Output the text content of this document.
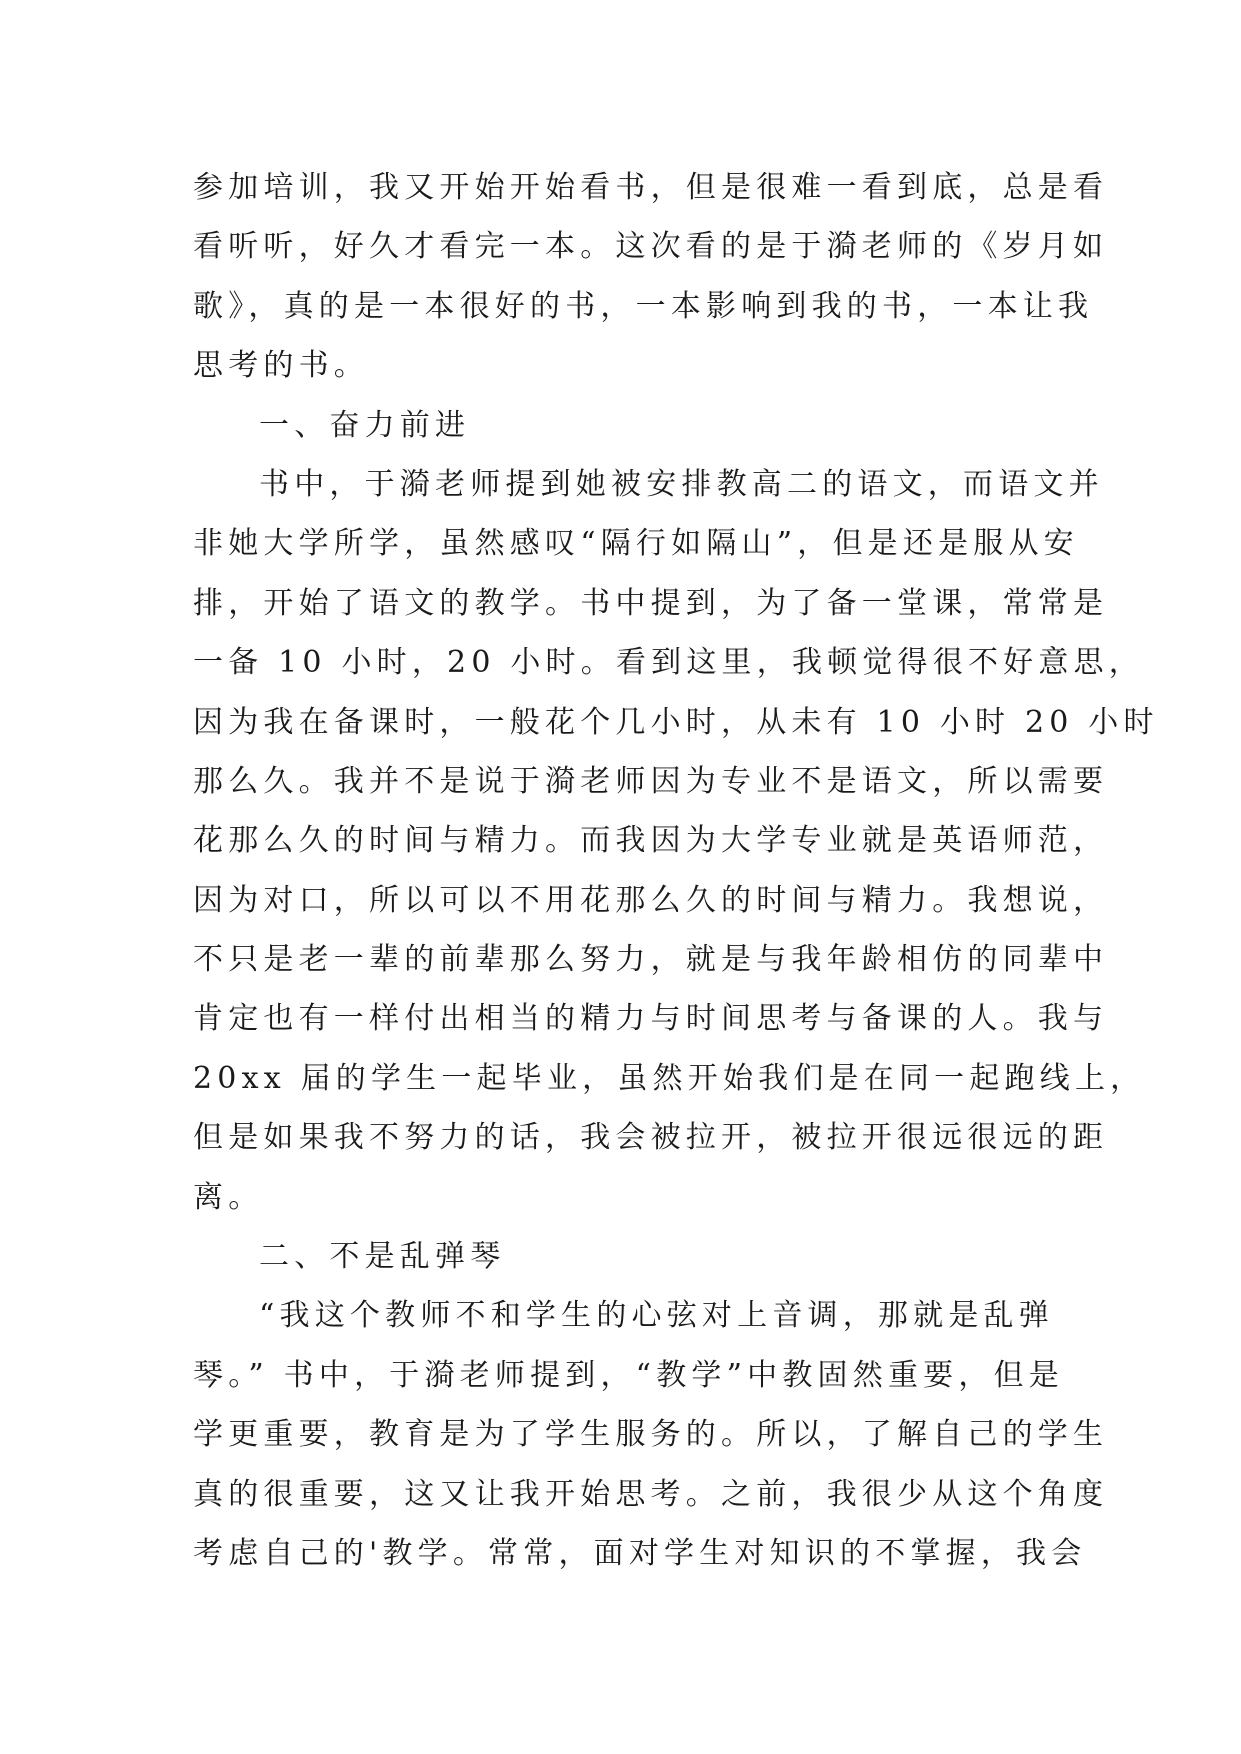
参加培训，我又开始开始看书，但是很难一看到底，总是看
看听听，好久才看完一本。这次看的是于漪老师的《岁月如
歌》，真的是一本很好的书，一本影响到我的书，一本让我
思考的书。
一、奋力前进
书中，于漪老师提到她被安排教高二的语文，而语文并
非她大学所学，虽然感叹“隔行如隔山”，但是还是服从安
排，开始了语文的教学。书中提到，为了备一堂课，常常是
一备 10 小时，20 小时。看到这里，我顿觉得很不好意思，
因为我在备课时，一般花个几小时，从未有 10 小时 20 小时
那么久。我并不是说于漪老师因为专业不是语文，所以需要
花那么久的时间与精力。而我因为大学专业就是英语师范，
因为对口，所以可以不用花那么久的时间与精力。我想说，
不只是老一辈的前辈那么努力，就是与我年龄相仿的同辈中
肯定也有一样付出相当的精力与时间思考与备课的人。我与
20xx 届的学生一起毕业，虽然开始我们是在同一起跑线上，
但是如果我不努力的话，我会被拉开，被拉开很远很远的距
离。
二、不是乱弹琴
“我这个教师不和学生的心弦对上音调，那就是乱弹
琴。” 书中，于漪老师提到，“教学”中教固然重要，但是
学更重要，教育是为了学生服务的。所以，了解自己的学生
真的很重要，这又让我开始思考。之前，我很少从这个角度
考虑自己的'教学。常常，面对学生对知识的不掌握，我会
